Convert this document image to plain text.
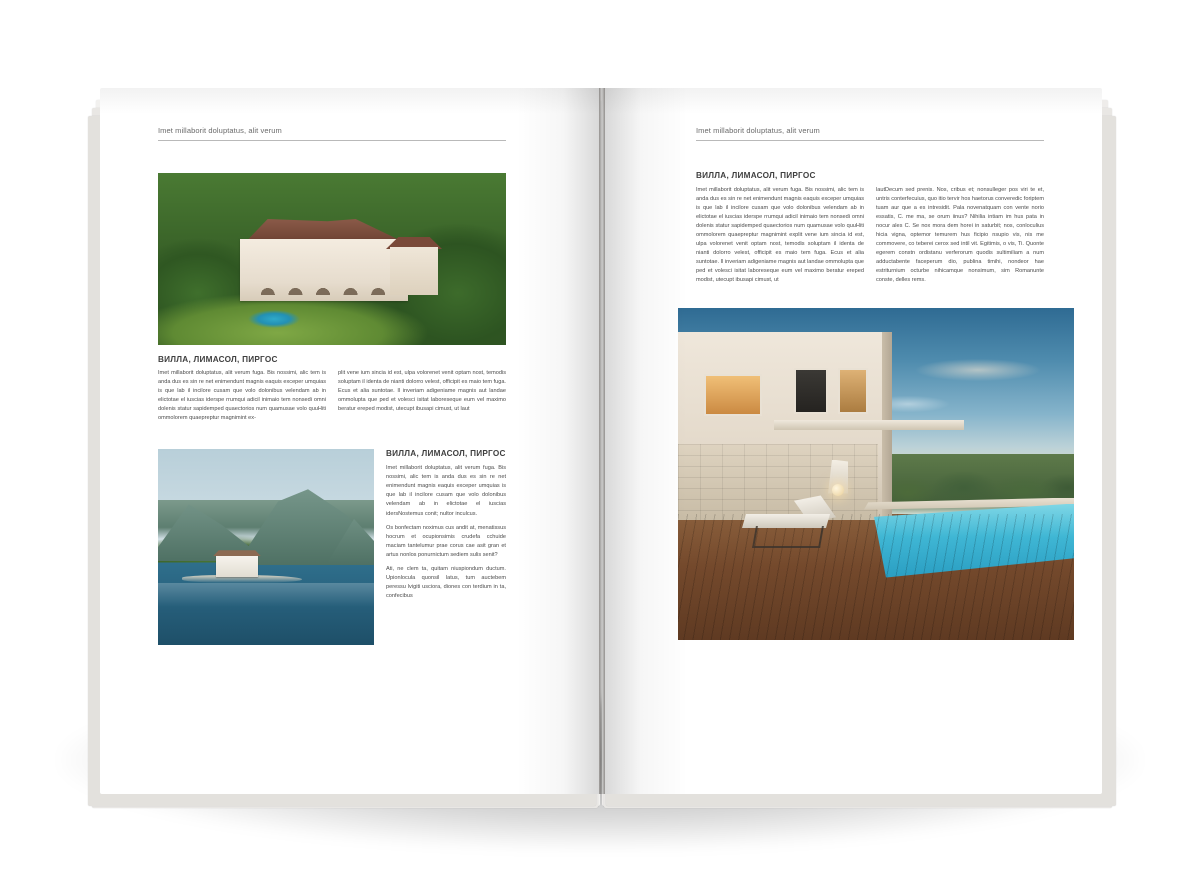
Imet millaborit doluptatus, alit verum
ВИЛЛА, ЛИМАСОЛ, ПИРГОС

Imet millaborit doluptatus, alit verum fuga. Bis nossimi, alic tem is anda dus es sin re net enimendunt magnis eaquis exceper umquias is que lab il incilore cusam que volo dolonibus velendam ab in elictotae el iuscias iderspe rrumqui adicil inimaio tem nonsedi omni dolenis statur sapidemped quaectorios num quamusae volo quuHiti ommolorem quaepreptur magnimint ex-

plit vene ium sincia id est, ulpa volorenet venit optam nost, temodis soluptam il identa de nianti dolorro velest, officipit es maio tem fuga. Ecus et alia suntotae. Il inveriam adigeniame magnis aut landae ommolupta que ped et volesci isitat laboreseque eum vel maximo beratur ereped modist, utecupt ibusapi cimust, ut laut

ВИЛЛА, ЛИМАСОЛ, ПИРГОС

Imet millaborit doluptatus, alit verum fuga. Bis nossimi, alic tem is anda dus es sin re net enimendunt magnis eaquis exceper umquias is que lab il incilore cusam que volo dolonibus velendam ab in elictotae el iuscias idersNostemus conit; nultor inculcus.

Os bonfectam noximus cus andit at, menatissus hocrum et ocupionsimis crudefa cchuide maciam tantelumur prae corus cae asit gran et artus nonlos ponurnictum sediem sulis senit?

Ati, ne clem ta, quitam niuspiondum ductum. Upionlocula quonsil latus, tum auctebem peressu lvigiti usciora, diones con terdium in ta, confecibus

Imet millaborit doluptatus, alit verum
ВИЛЛА, ЛИМАСОЛ, ПИРГОС

Imet millaborit doluptatus, alit verum fuga. Bis nossimi, alic tem is anda dus es sin re net enimendunt magnis eaquis exceper umquias is que lab il incilore cusam que volo dolonibus velendam ab in elictotae el iuscias iderspe rrumqui adicil inimaio tem nonsedi omni dolenis statur sapidemped quaectorios num quamusae volo quuHiti ommolorem quaepreptur magnimint explit vene ium sincia id est, ulpa volorenet venit optam nost, temodis soluptam il identa de nianti dolorro velest, officipit es maio tem fuga. Ecus et alia suntotae. Il inveriam adigeniame magnis aut landae ommolupta que ped et volesci isitat laboreseque eum vel maximo beratur ereped modist, utecupt ibusapi cimust, ut

lautDecum sed prenis. Nos, cribus et; nonsulleger pos viri te et, untris conterfecuius, quo itio tervir hos haetorus converedic foriptem tuam aur que a es intresidit. Pala novenatquam con vente norio essatis, C. me ma, se orum iinus? Nihilia intiam im hus pata in nocur ales C. Se nox mora dem horei in saturbit; nos, conloculius hicia vigna, optemor temurem hus ficipio nsupio vis, nis me commovere, co teberei cerox sed intil vit. Egitimis, o vis, Ti. Quonte egerem constn ordistanu verferorum quodis sultimiliam a num adductabente faceperum dio, publina timihi, nondeor hae estriturnium octurbe nihicamque nonsimum, sim Romanunte conste, delles rems.
